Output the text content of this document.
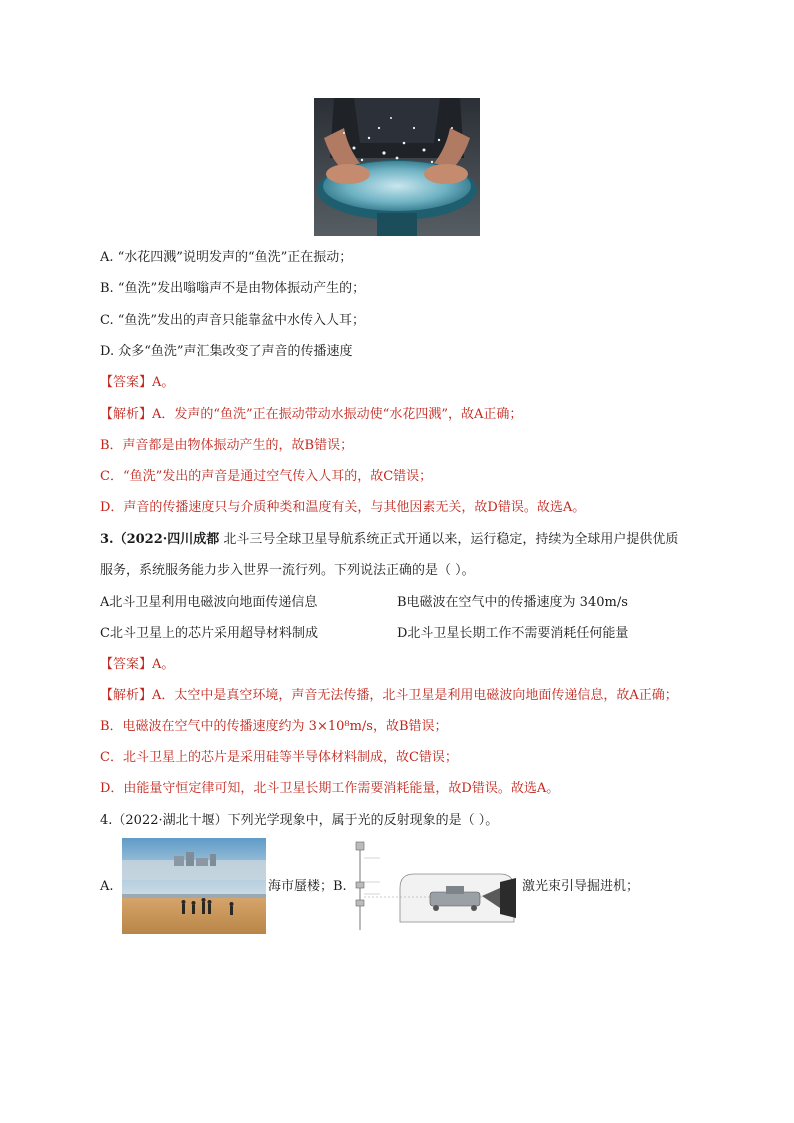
A. “水花四溅”说明发声的“鱼洗”正在振动；
B. “鱼洗”发出嗡嗡声不是由物体振动产生的；
C. “鱼洗”发出的声音只能靠盆中水传入人耳；
D. 众多“鱼洗”声汇集改变了声音的传播速度
【答案】A。
【解析】A．发声的“鱼洗”正在振动带动水振动使“水花四溅”，故A正确；
B．声音都是由物体振动产生的，故B错误；
C．“鱼洗”发出的声音是通过空气传入人耳的，故C错误；
D．声音的传播速度只与介质种类和温度有关，与其他因素无关，故D错误。故选A。
3.（2022·四川成都 北斗三号全球卫星导航系统正式开通以来，运行稳定，持续为全球用户提供优质
服务，系统服务能力步入世界一流行列。下列说法正确的是（ ）。
A北斗卫星利用电磁波向地面传递信息	B电磁波在空气中的传播速度为 340m/s
C北斗卫星上的芯片采用超导材料制成	D北斗卫星长期工作不需要消耗任何能量
【答案】A。
【解析】A．太空中是真空环境，声音无法传播，北斗卫星是利用电磁波向地面传递信息，故A正确；
B．电磁波在空气中的传播速度约为 3×10⁸m/s，故B错误；
C．北斗卫星上的芯片是采用硅等半导体材料制成，故C错误；
D．由能量守恒定律可知，北斗卫星长期工作需要消耗能量，故D错误。故选A。
4.（2022·湖北十堰）下列光学现象中，属于光的反射现象的是（ ）。
A.	海市蜃楼；B.	激光束引导掘进机；
